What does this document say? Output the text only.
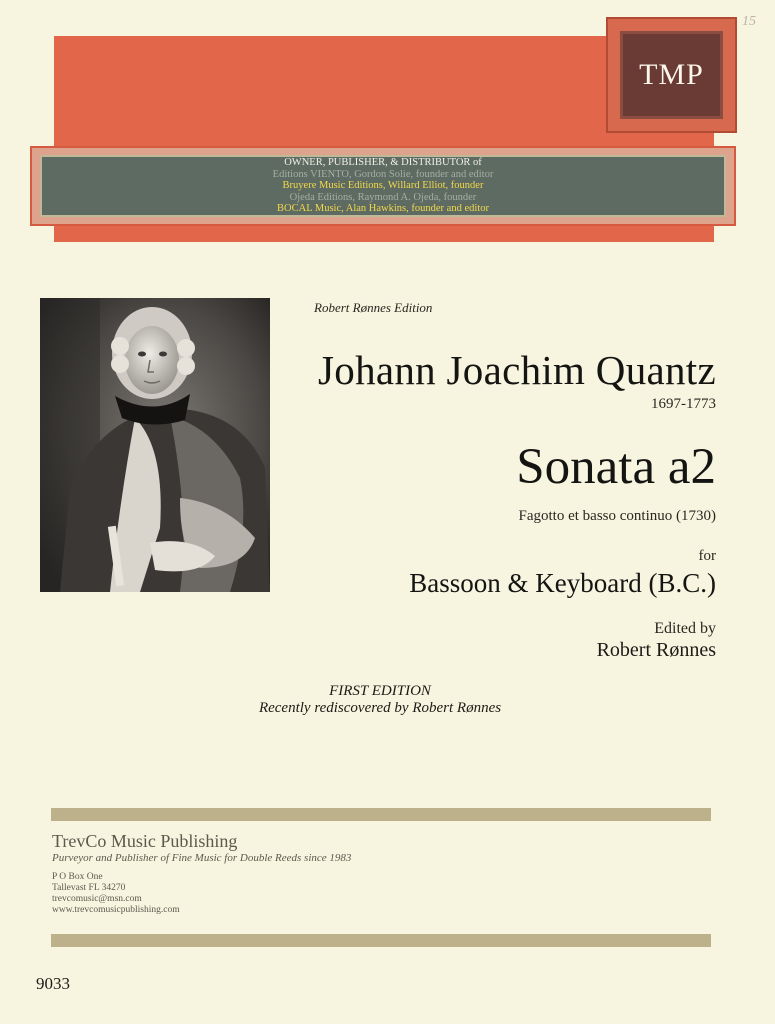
15
TMP
OWNER, PUBLISHER, & DISTRIBUTOR of
Editions VIENTO, Gordon Solie, founder and editor
Bruyere Music Editions, Willard Elliot, founder
Ojeda Editions, Raymond A. Ojeda, founder
BOCAL Music, Alan Hawkins, founder and editor
Robert Rønnes Edition
Johann Joachim Quantz
1697-1773
Sonata a2
Fagotto et basso continuo (1730)
for
Bassoon & Keyboard (B.C.)
Edited by
Robert Rønnes
FIRST EDITION
Recently rediscovered by Robert Rønnes
TrevCo Music Publishing
Purveyor and Publisher of Fine Music for Double Reeds since 1983
P O Box One
Tallevast FL 34270
trevcomusic@msn.com
www.trevcomusicpublishing.com
9033
